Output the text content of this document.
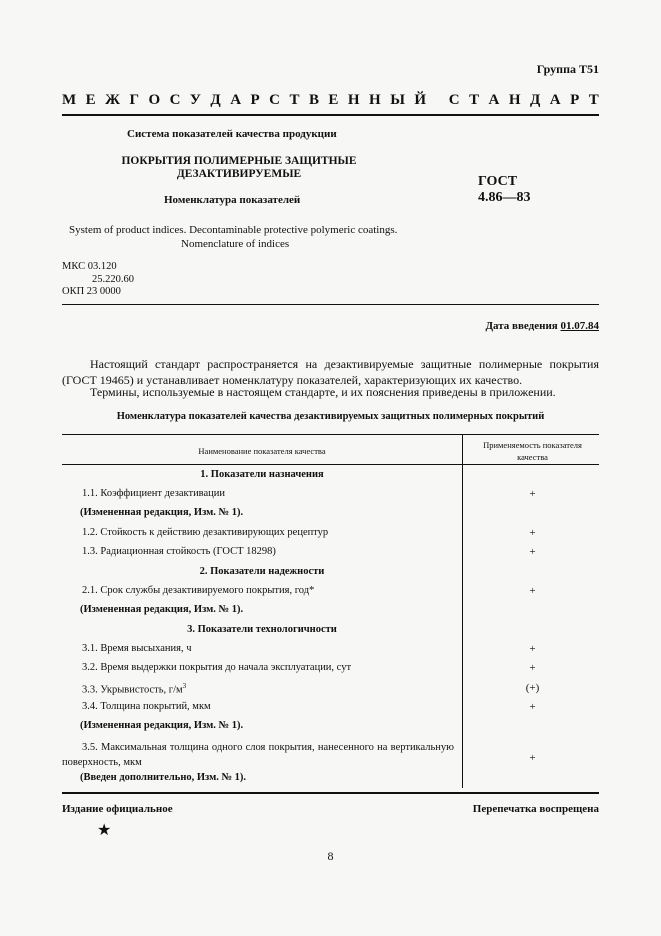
Группа Т51
М Е Ж Г О С У Д А Р С Т В Е Н Н Ы Й
С Т А Н Д А Р Т
Система показателей качества продукции
ПОКРЫТИЯ ПОЛИМЕРНЫЕ ЗАЩИТНЫЕ
ДЕЗАКТИВИРУЕМЫЕ	ГОСТ
4.86—83
Номенклатура показателей
System of product indices. Decontaminable protective polymeric coatings.
Nomenclature of indices
МКС 03.120
25.220.60
ОКП 23 0000
Дата введения 01.07.84
Настоящий стандарт распространяется на дезактивируемые защитные полимерные покрытия (ГОСТ 19465) и устанавливает номенклатуру показателей, характеризующих их качество.
Термины, используемые в настоящем стандарте, и их пояснения приведены в приложении.
Номенклатура показателей качества дезактивируемых защитных полимерных покрытий
Наименование показателя качества
Применяемость показателя
качества
1. Показатели назначения
1.1. Коэффициент дезактивации	+
(Измененная редакция, Изм. № 1).
1.2. Стойкость к действию дезактивирующих рецептур	+
1.3. Радиационная стойкость (ГОСТ 18298)	+
2. Показатели надежности
2.1. Срок службы дезактивируемого покрытия, год*	+
(Измененная редакция, Изм. № 1).
3. Показатели технологичности
3.1. Время высыхания, ч	+
3.2. Время выдержки покрытия до начала эксплуатации, сут	+
3.3. Укрывистость, $г/м^3$	(+)
3.4. Толщина покрытий, мкм	+
(Измененная редакция, Изм. № 1).
3.5. Максимальная толщина одного слоя покрытия, нанесенного на вертикальную поверхность, мкм	+
(Введен дополнительно, Изм. № 1).
Издание официальное	Перепечатка воспрещена
★
8
